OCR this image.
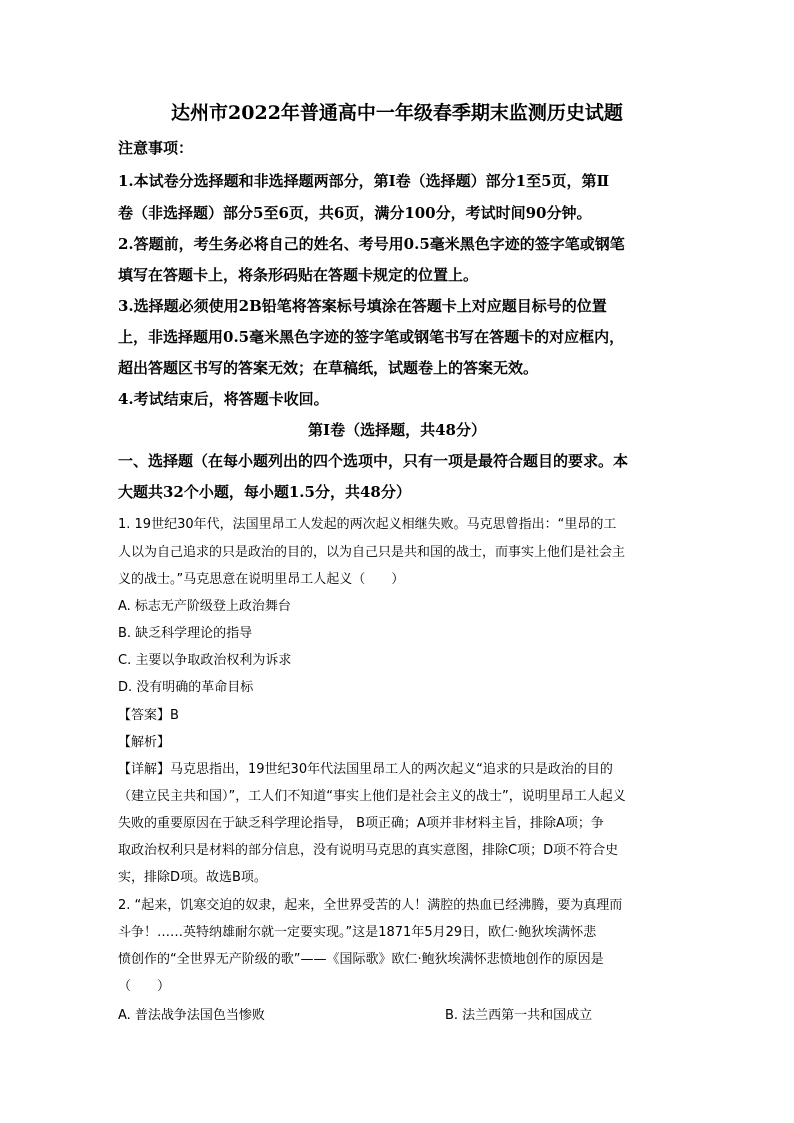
达州市2022年普通高中一年级春季期末监测历史试题
注意事项：
1.本试卷分选择题和非选择题两部分，第Ⅰ卷（选择题）部分1至5页，第Ⅱ
卷（非选择题）部分5至6页，共6页，满分100分，考试时间90分钟。
2.答题前，考生务必将自己的姓名、考号用0.5毫米黑色字迹的签字笔或钢笔
填写在答题卡上，将条形码贴在答题卡规定的位置上。
3.选择题必须使用2B铅笔将答案标号填涂在答题卡上对应题目标号的位置
上，非选择题用0.5毫米黑色字迹的签字笔或钢笔书写在答题卡的对应框内，
超出答题区书写的答案无效；在草稿纸，试题卷上的答案无效。
4.考试结束后，将答题卡收回。
第Ⅰ卷（选择题，共48分）
一、选择题（在每小题列出的四个选项中，只有一项是最符合题目的要求。本
大题共32个小题，每小题1.5分，共48分）
1. 19世纪30年代，法国里昂工人发起的两次起义相继失败。马克思曾指出：“里昂的工
人以为自己追求的只是政治的目的，以为自己只是共和国的战士，而事实上他们是社会主
义的战士。”马克思意在说明里昂工人起义（　　）
A. 标志无产阶级登上政治舞台
B. 缺乏科学理论的指导
C. 主要以争取政治权利为诉求
D. 没有明确的革命目标
【答案】B
【解析】
【详解】马克思指出，19世纪30年代法国里昂工人的两次起义“追求的只是政治的目的
（建立民主共和国）”，工人们不知道“事实上他们是社会主义的战士”，说明里昂工人起义
失败的重要原因在于缺乏科学理论指导， B项正确；A项并非材料主旨，排除A项；争
取政治权利只是材料的部分信息，没有说明马克思的真实意图，排除C项；D项不符合史
实，排除D项。故选B项。
2. “起来，饥寒交迫的奴隶，起来，全世界受苦的人！满腔的热血已经沸腾，要为真理而
斗争！……英特纳雄耐尔就一定要实现。”这是1871年5月29日，欧仁·鲍狄埃满怀悲
愤创作的“全世界无产阶级的歌”——《国际歌》欧仁·鲍狄埃满怀悲愤地创作的原因是
（　　）
A. 普法战争法国色当惨败	B. 法兰西第一共和国成立
